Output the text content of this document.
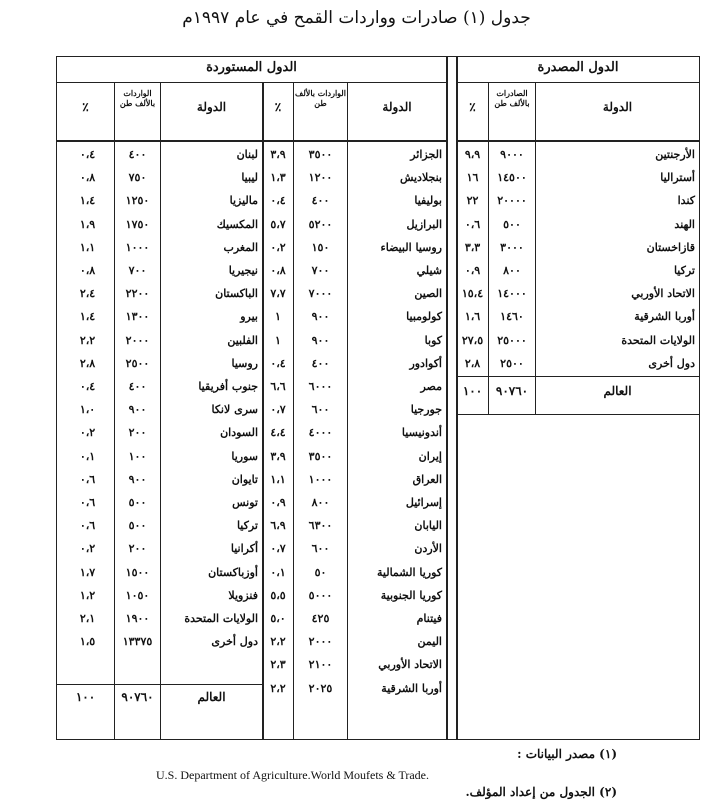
جدول (١) صادرات وواردات القمح في عام ١٩٩٧م
الدول المصدرة
الدول المستوردة
الدولة
الصادرات بالألف طن
٪
الدولة
الواردات بالألف طن
٪
الدولة
الواردات بالألف طن
٪
الأرجنتين
٩٠٠٠
٩،٩
أستراليا
١٤٥٠٠
١٦
كندا
٢٠٠٠٠
٢٢
الهند
٥٠٠
٠،٦
قازاخستان
٣٠٠٠
٣،٣
تركيا
٨٠٠
٠،٩
الاتحاد الأوربي
١٤٠٠٠
١٥،٤
أوربا الشرقية
١٤٦٠
١،٦
الولايات المتحدة
٢٥٠٠٠
٢٧،٥
دول أخرى
٢٥٠٠
٢،٨
الجزائر
٣٥٠٠
٣،٩
بنجلاديش
١٢٠٠
١،٣
بوليفيا
٤٠٠
٠،٤
البرازيل
٥٢٠٠
٥،٧
روسيا البيضاء
١٥٠
٠،٢
شيلي
٧٠٠
٠،٨
الصين
٧٠٠٠
٧،٧
كولومبيا
٩٠٠
١
كوبا
٩٠٠
١
أكوادور
٤٠٠
٠،٤
مصر
٦٠٠٠
٦،٦
جورجيا
٦٠٠
٠،٧
أندونيسيا
٤٠٠٠
٤،٤
إيران
٣٥٠٠
٣،٩
العراق
١٠٠٠
١،١
إسرائيل
٨٠٠
٠،٩
اليابان
٦٣٠٠
٦،٩
الأردن
٦٠٠
٠،٧
كوريا الشمالية
٥٠
٠،١
كوريا الجنوبية
٥٠٠٠
٥،٥
فيتنام
٤٢٥
٥،٠
اليمن
٢٠٠٠
٢،٢
الاتحاد الأوربي
٢١٠٠
٢،٣
أوربا الشرقية
٢٠٢٥
٢،٢
لبنان
٤٠٠
٠،٤
ليبيا
٧٥٠
٠،٨
ماليزيا
١٢٥٠
١،٤
المكسيك
١٧٥٠
١،٩
المغرب
١٠٠٠
١،١
نيجيريا
٧٠٠
٠،٨
الباكستان
٢٢٠٠
٢،٤
بيرو
١٣٠٠
١،٤
الفلبين
٢٠٠٠
٢،٢
روسيا
٢٥٠٠
٢،٨
جنوب أفريقيا
٤٠٠
٠،٤
سرى لانكا
٩٠٠
١،٠
السودان
٢٠٠
٠،٢
سوريا
١٠٠
٠،١
تايوان
٩٠٠
٠،٦
تونس
٥٠٠
٠،٦
تركيا
٥٠٠
٠،٦
أكرانيا
٢٠٠
٠،٢
أوزباكستان
١٥٠٠
١،٧
فنزويلا
١٠٥٠
١،٢
الولايات المتحدة
١٩٠٠
٢،١
دول أخرى
١٣٣٧٥
١،٥
العالم
٩٠٧٦٠
١٠٠
العالم
٩٠٧٦٠
١٠٠
(١) مصدر البيانات :
U.S. Department of Agriculture.World Moufets & Trade.
(٢) الجدول من إعداد المؤلف.
